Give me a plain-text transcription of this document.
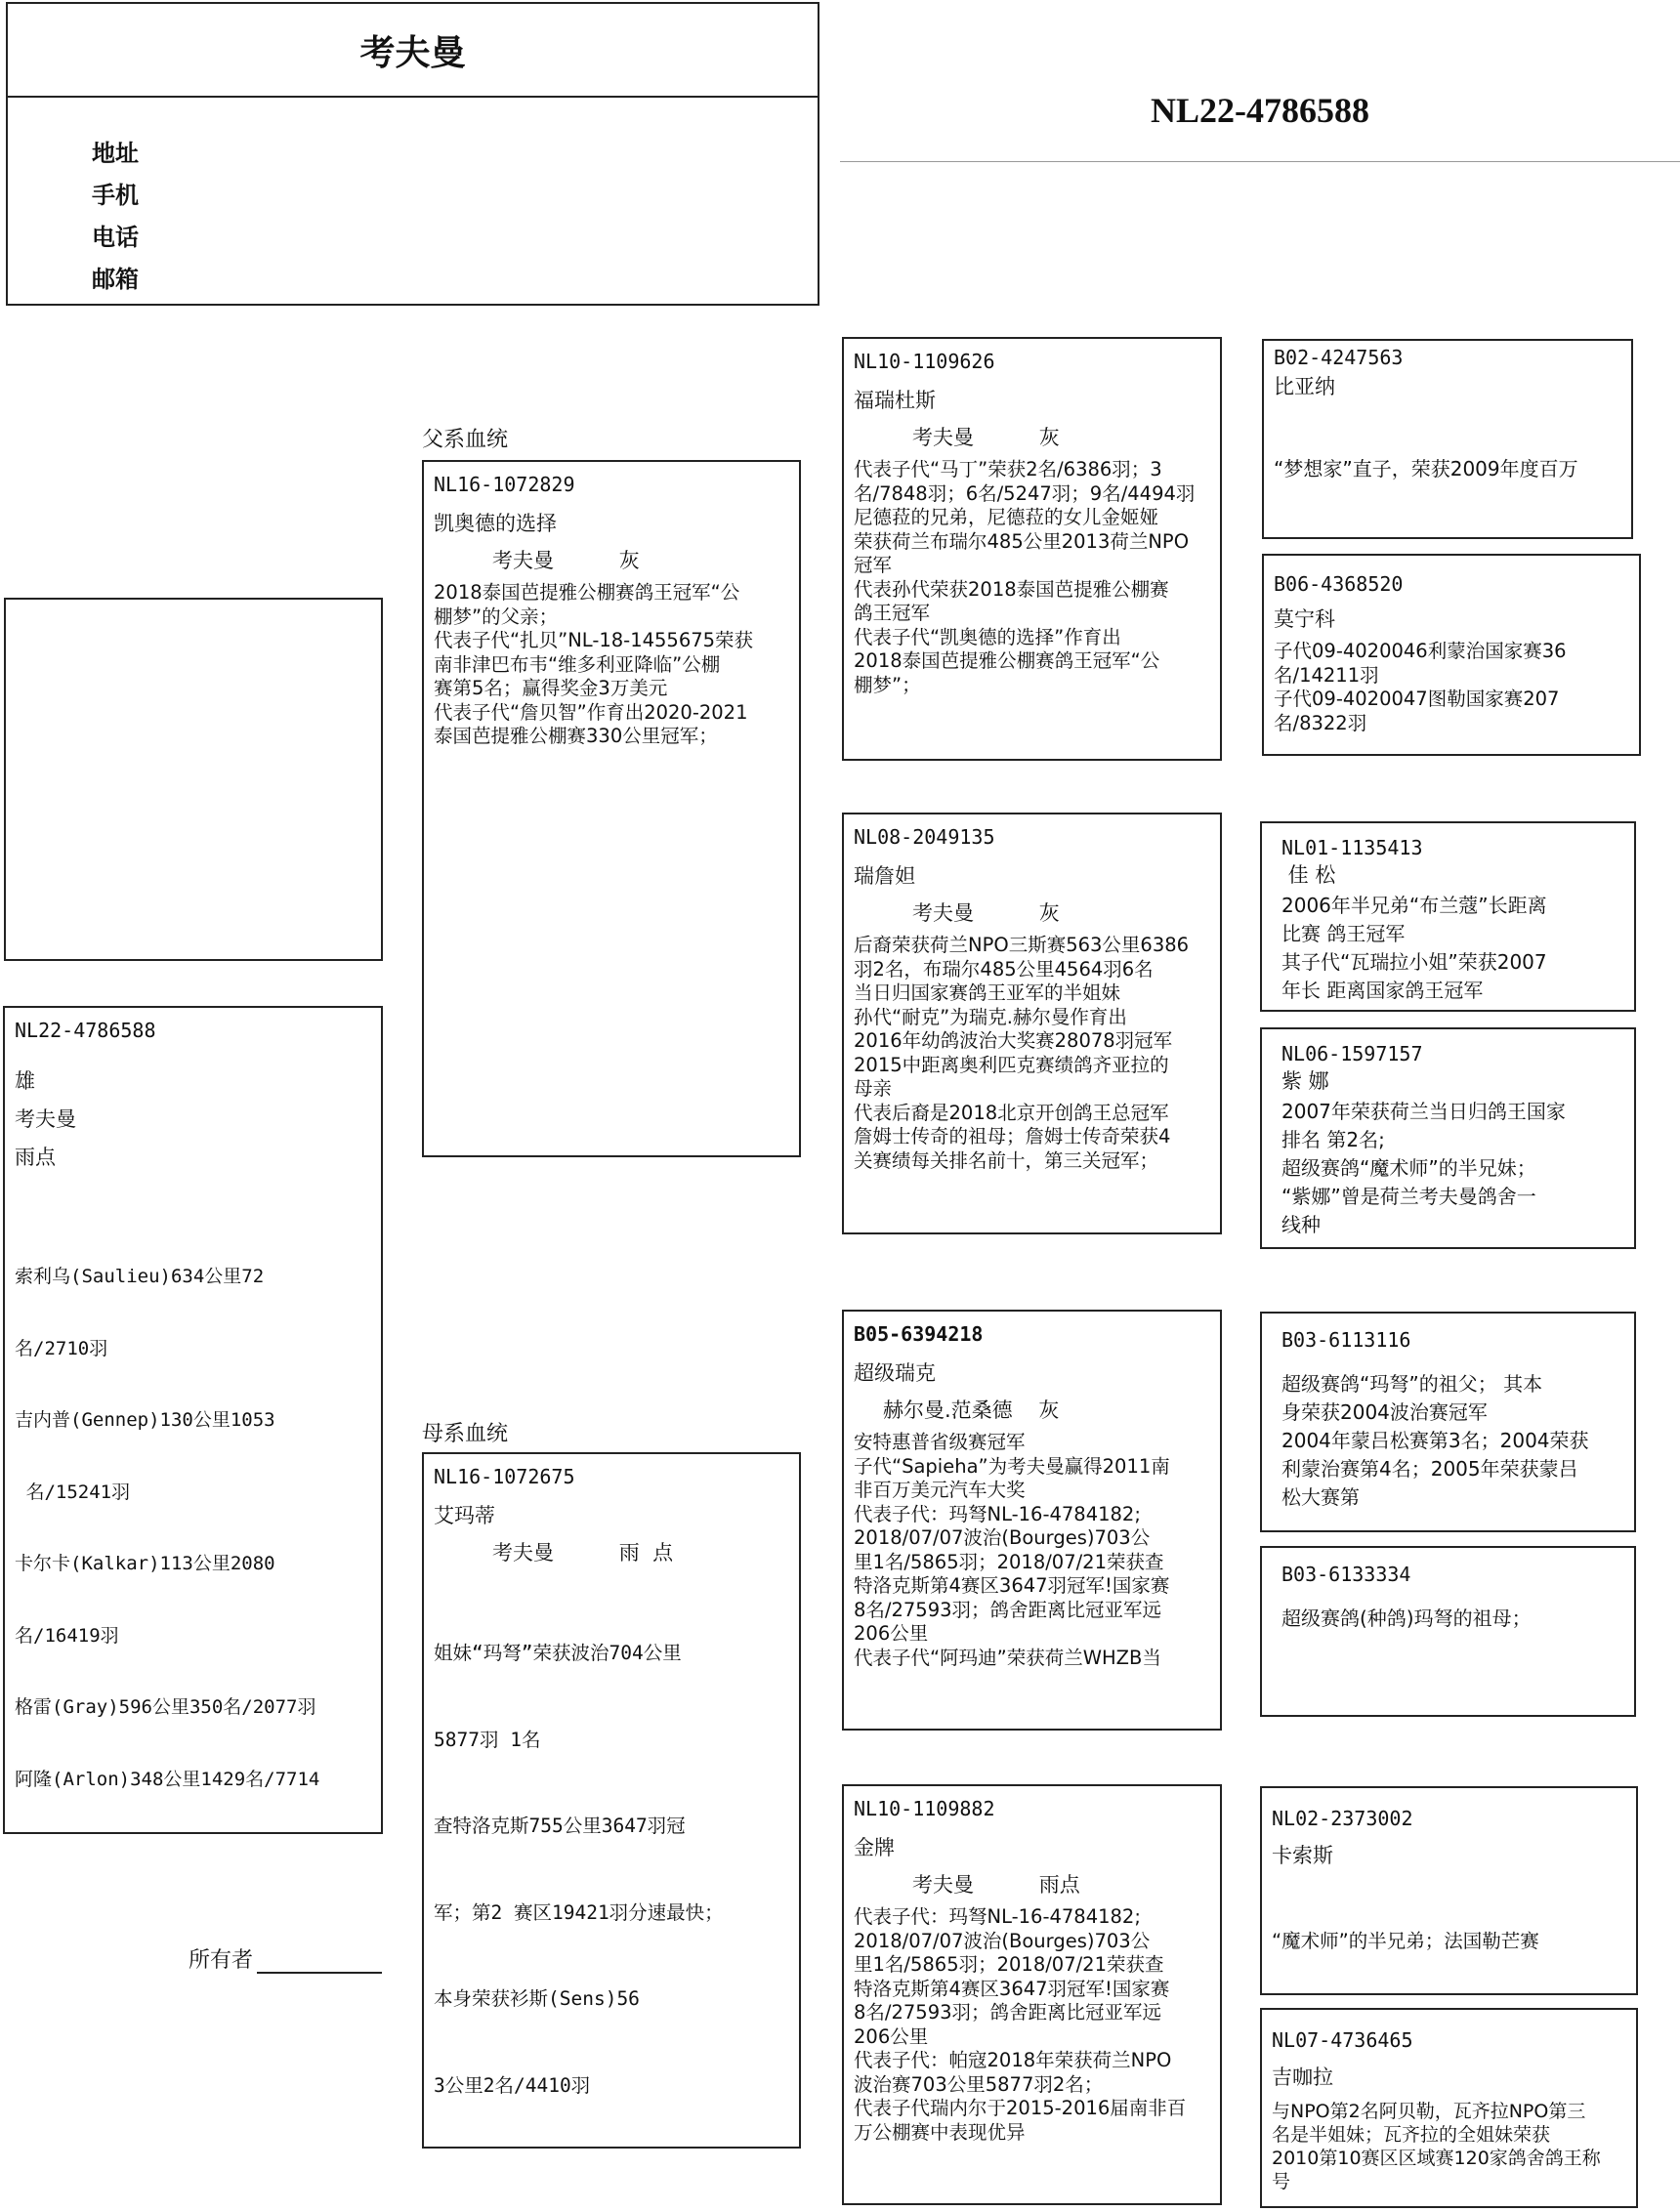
考夫曼
地址
手机
电话
邮箱
NL22-4786588
NL22-4786588
雄
考夫曼
雨点

索利乌(Saulieu)634公里72

名/2710羽

吉内普(Gennep)130公里1053

名/15241羽

卡尔卡(Kalkar)113公里2080

名/16419羽

格雷(Gray)596公里350名/2077羽

阿隆(Arlon)348公里1429名/7714

所有者
父系血统
母系血统
NL16-1072829
凯奥德的选择
考夫曼          灰
2018泰国芭提雅公棚赛鸽王冠军“公
棚梦”的父亲；
代表子代“扎贝”NL-18-1455675荣获
南非津巴布韦“维多利亚降临”公棚
赛第5名；赢得奖金3万美元
代表子代“詹贝智”作育出2020-2021
泰国芭提雅公棚赛330公里冠军；
NL16-1072675
艾玛蒂
考夫曼          雨  点

姐妹“玛弩”荣获波治704公里

5877羽 1名

查特洛克斯755公里3647羽冠

军；第2 赛区19421羽分速最快；

本身荣获衫斯(Sens)56

3公里2名/4410羽

NL10-1109626
福瑞杜斯
考夫曼          灰
代表子代“马丁”荣获2名/6386羽；3
名/7848羽；6名/5247羽；9名/4494羽
尼德菈的兄弟，尼德菈的女儿金姬娅
荣获荷兰布瑞尔485公里2013荷兰NPO
冠军
代表孙代荣获2018泰国芭提雅公棚赛
鸽王冠军
代表子代“凯奥德的选择”作育出
2018泰国芭提雅公棚赛鸽王冠军“公
棚梦”；
NL08-2049135
瑞詹妲
考夫曼          灰
后裔荣获荷兰NPO三斯赛563公里6386
羽2名，布瑞尔485公里4564羽6名
当日归国家赛鸽王亚军的半姐妹
孙代“耐克”为瑞克.赫尔曼作育出
2016年幼鸽波治大奖赛28078羽冠军
2015中距离奥利匹克赛绩鸽齐亚拉的
母亲
代表后裔是2018北京开创鸽王总冠军
詹姆士传奇的祖母；詹姆士传奇荣获4
关赛绩每关排名前十，第三关冠军；
B05-6394218
超级瑞克
赫尔曼.范桑德    灰
安特惠普省级赛冠军
子代“Sapieha”为考夫曼赢得2011南
非百万美元汽车大奖
代表子代：玛弩NL-16-4784182;
2018/07/07波治(Bourges)703公
里1名/5865羽；2018/07/21荣获查
特洛克斯第4赛区3647羽冠军!国家赛
8名/27593羽；鸽舍距离比冠亚军远
206公里
代表子代“阿玛迪”荣获荷兰WHZB当
NL10-1109882
金牌
考夫曼          雨点
代表子代：玛弩NL-16-4784182;
2018/07/07波治(Bourges)703公
里1名/5865羽；2018/07/21荣获查
特洛克斯第4赛区3647羽冠军!国家赛
8名/27593羽；鸽舍距离比冠亚军远
206公里
代表子代：帕寇2018年荣获荷兰NPO
波治赛703公里5877羽2名；
代表子代瑞内尔于2015-2016届南非百
万公棚赛中表现优异
B02-4247563
比亚纳

“梦想家”直子，荣获2009年度百万

B06-4368520
莫宁科
子代09-4020046利蒙治国家赛36
名/14211羽
子代09-4020047图勒国家赛207
名/8322羽
NL01-1135413
佳 松
2006年半兄弟“布兰蔻”长距离
比赛 鸽王冠军
其子代“瓦瑞拉小姐”荣获2007
年长 距离国家鸽王冠军
NL06-1597157
紫 娜
2007年荣获荷兰当日归鸽王国家
排名 第2名;
超级赛鸽“魔术师”的半兄妹；
“紫娜”曾是荷兰考夫曼鸽舍一
线种
B03-6113116
超级赛鸽“玛弩”的祖父； 其本
身荣获2004波治赛冠军
2004年蒙吕松赛第3名；2004荣获
利蒙治赛第4名；2005年荣获蒙吕
松大赛第
B03-6133334
超级赛鸽(种鸽)玛弩的祖母；
NL02-2373002
卡索斯

“魔术师”的半兄弟；法国勒芒赛

NL07-4736465
吉咖拉
与NPO第2名阿贝勒，瓦齐拉NPO第三
名是半姐妹；瓦齐拉的全姐妹荣获
2010第10赛区区域赛120家鸽舍鸽王称
号
